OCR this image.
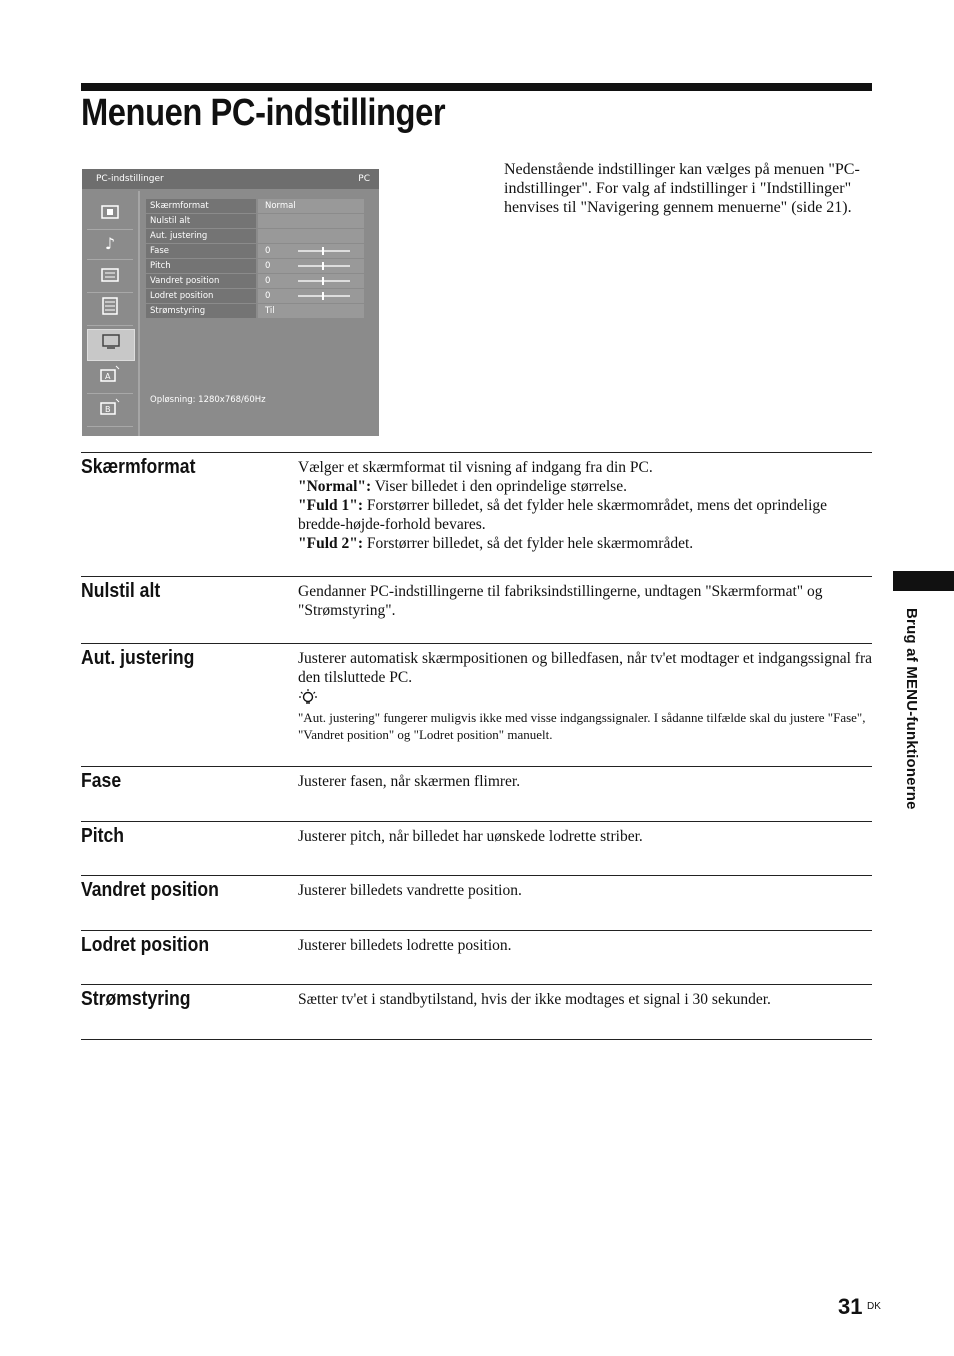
Menuen PC-indstillinger
Nedenstående indstillinger kan vælges på menuen "PC-indstillinger". For valg af indstillinger i "Indstillinger" henvises til "Navigering gennem menuerne" (side 21).
PC-indstillinger	PC
♪
A
B
Skærmformat	Normal
Nulstil alt
Aut. justering
Fase	0
Pitch	0
Vandret position	0
Lodret position	0
Strømstyring	Til
Opløsning: 1280x768/60Hz
Skærmformat	Vælger et skærmformat til visning af indgang fra din PC.
"Normal": Viser billedet i den oprindelige størrelse.
"Fuld 1": Forstørrer billedet, så det fylder hele skærmområdet, mens det oprindelige bredde-højde-forhold bevares.
"Fuld 2": Forstørrer billedet, så det fylder hele skærmområdet.
Nulstil alt	Gendanner PC-indstillingerne til fabriksindstillingerne, undtagen "Skærmformat" og "Strømstyring".
Aut. justering	Justerer automatisk skærmpositionen og billedfasen, når tv'et modtager et indgangssignal fra den tilsluttede PC.
"Aut. justering" fungerer muligvis ikke med visse indgangssignaler. I sådanne tilfælde skal du justere "Fase", "Vandret position" og "Lodret position" manuelt.
Fase	Justerer fasen, når skærmen flimrer.
Pitch	Justerer pitch, når billedet har uønskede lodrette striber.
Vandret position	Justerer billedets vandrette position.
Lodret position	Justerer billedets lodrette position.
Strømstyring	Sætter tv'et i standbytilstand, hvis der ikke modtages et signal i 30 sekunder.
Brug af MENU-funktionerne
31 DK
